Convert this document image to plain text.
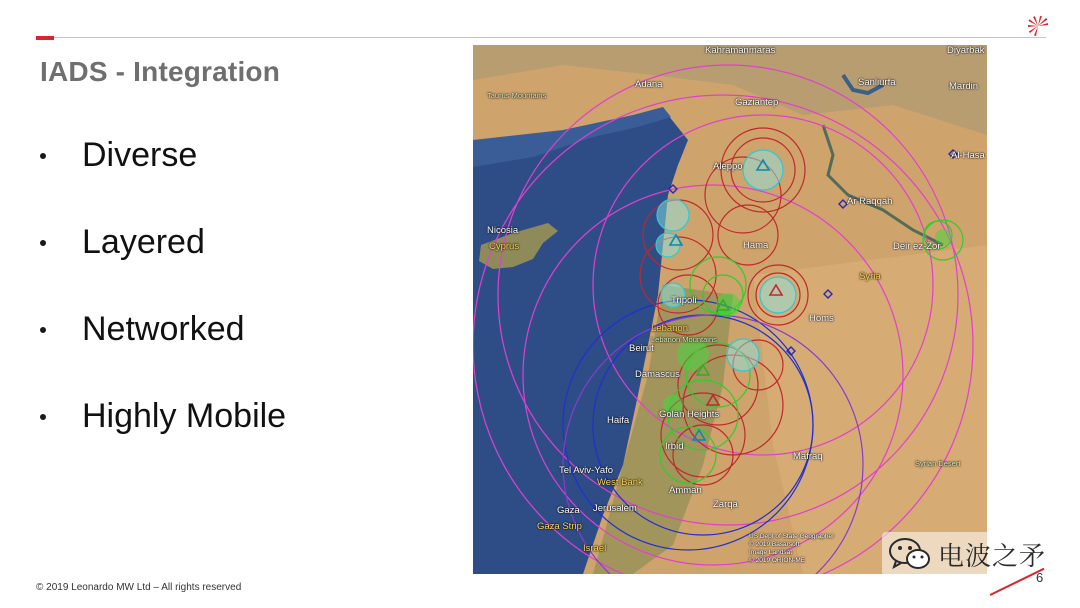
IADS - Integration
Diverse
Layered
Networked
Highly Mobile
Kahramanmaras	Diyarbak
Adana
Gaziantep
Sanliurfa	Mardin
Taurus Mountains
Aleppo
Al-Hasa
Ar Raqqah
Nicosia
Cyprus	Hama	Deir ez-Zor
Syria
Tripoli
Homs
Lebanon
Lebanon Mountains
Beirut
Damascus
Haifa
Golan Heights
Irbid
Mafraq
Syrian Desert
Tel Aviv-Yafo
West Bank
Amman
Zarqa
Gaza Jerusalem
Gaza Strip
Israel
US Dept of State Geographer
© 2019 Basarsoft
Image Landsat
© 2019 ORION-ME	电波之矛
© 2019 Leonardo MW Ltd – All rights reserved
6
